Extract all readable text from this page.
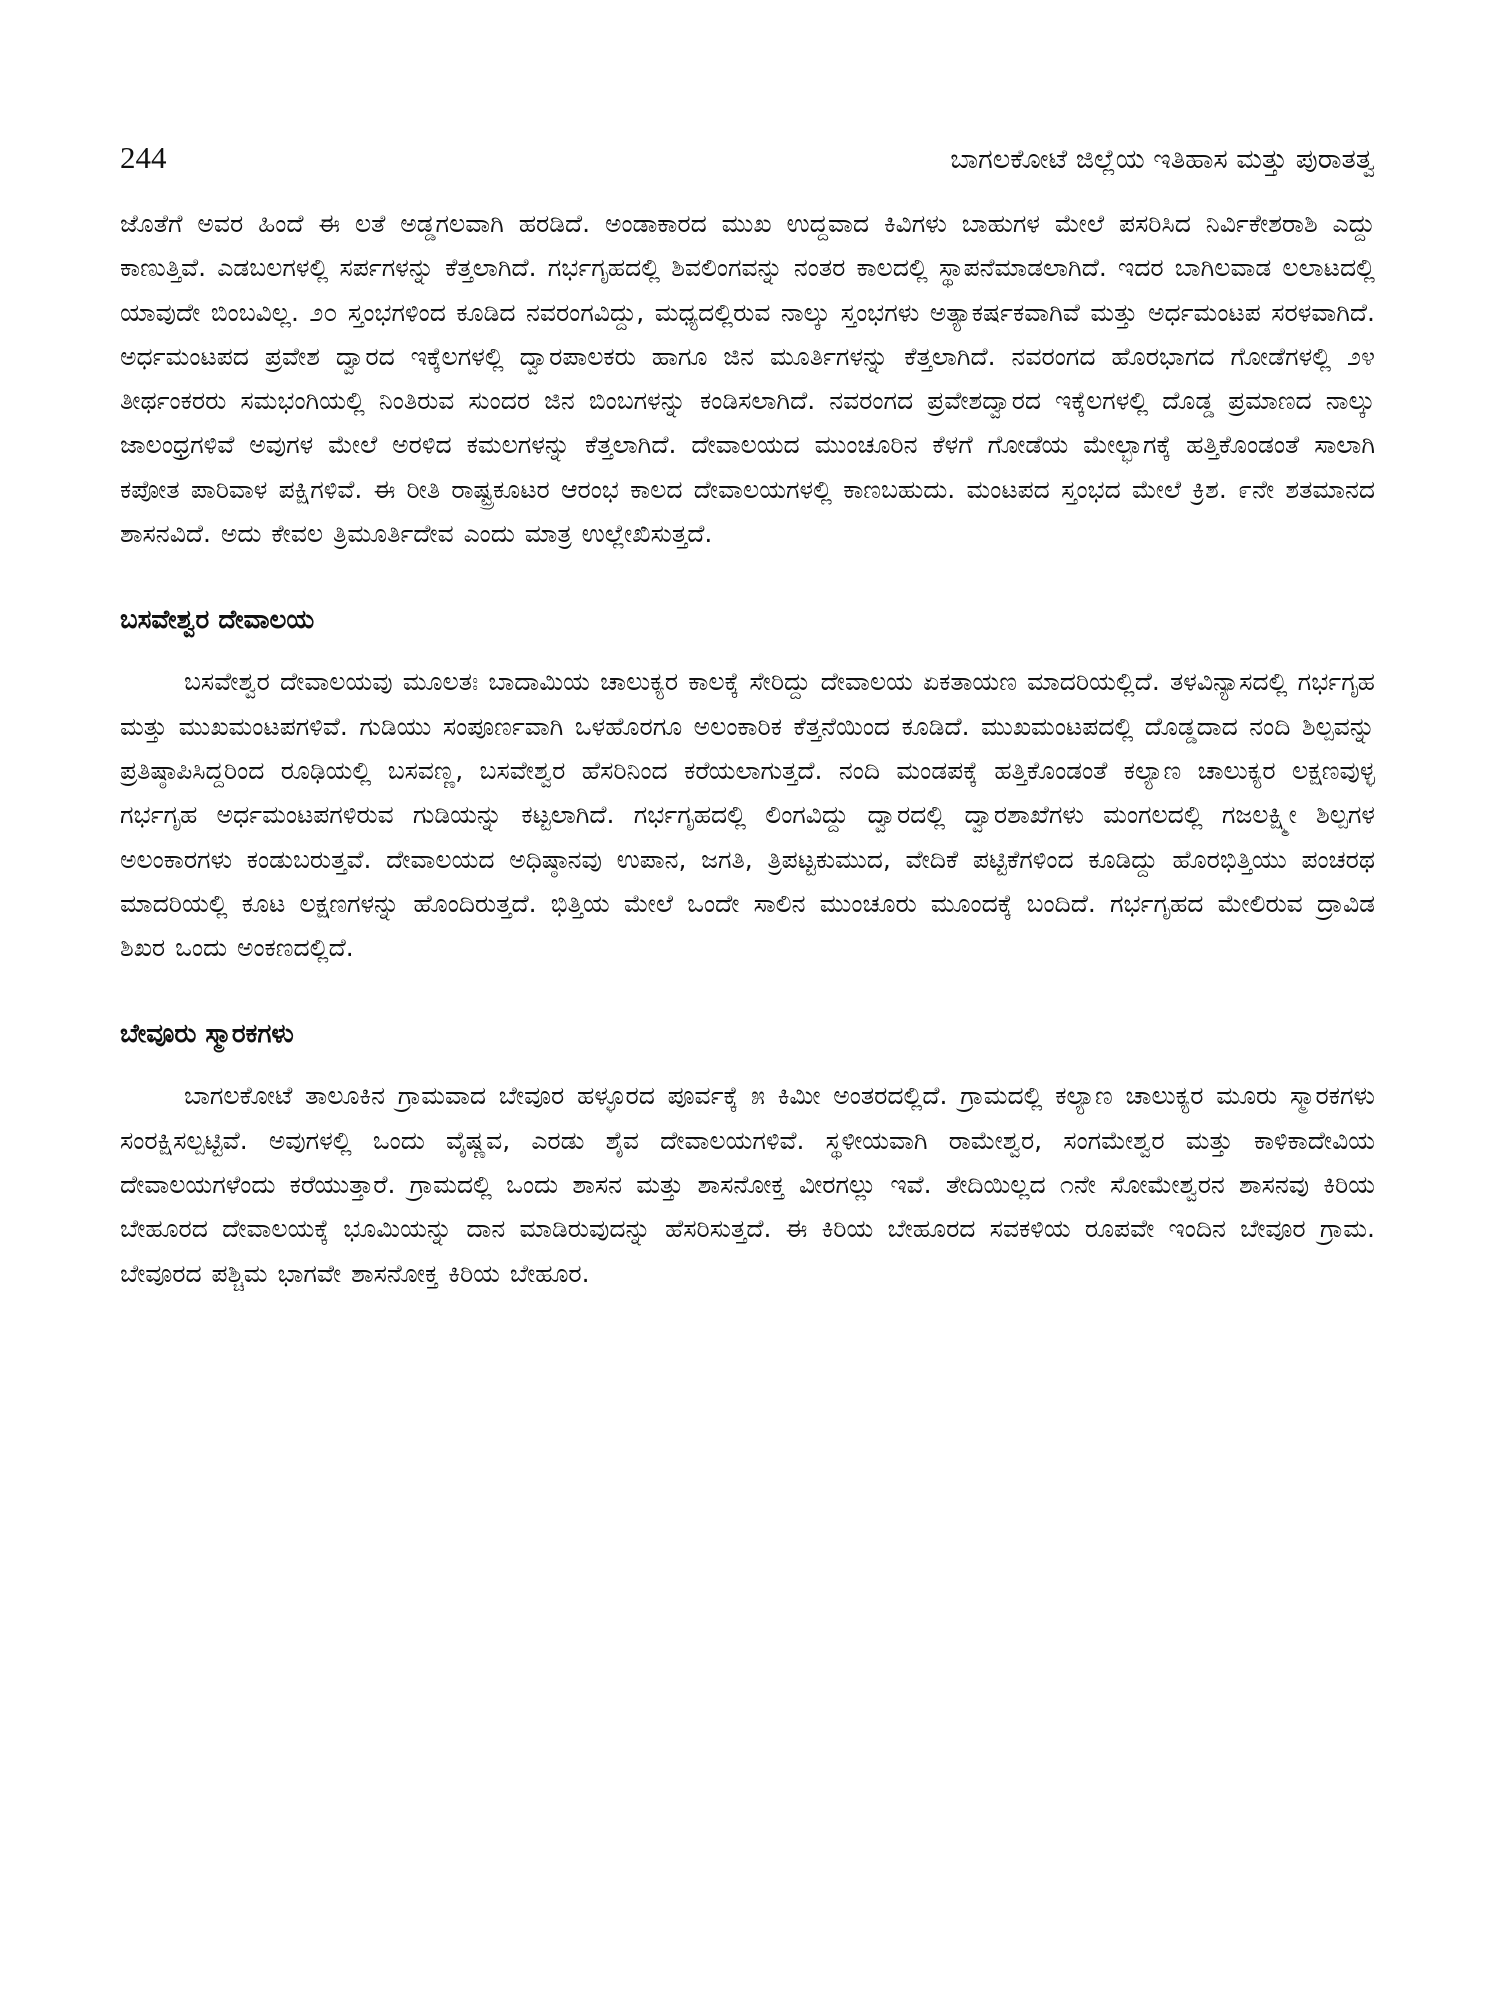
244	ಬಾಗಲಕೋಟೆ ಜಿಲ್ಲೆಯ ಇತಿಹಾಸ ಮತ್ತು ಪುರಾತತ್ವ

ಜೊತೆಗೆ ಅವರ ಹಿಂದೆ ಈ ಲತೆ ಅಡ್ಡಗಲವಾಗಿ ಹರಡಿದೆ. ಅಂಡಾಕಾರದ ಮುಖ ಉದ್ದವಾದ ಕಿವಿಗಳು ಬಾಹುಗಳ ಮೇಲೆ ಪಸರಿಸಿದ ನಿರ್ವಿಕೇಶರಾಶಿ ಎದ್ದು ಕಾಣುತ್ತಿವೆ. ಎಡಬಲಗಳಲ್ಲಿ ಸರ್ಪಗಳನ್ನು ಕೆತ್ತಲಾಗಿದೆ. ಗರ್ಭಗೃಹದಲ್ಲಿ ಶಿವಲಿಂಗವನ್ನು ನಂತರ ಕಾಲದಲ್ಲಿ ಸ್ಥಾಪನೆಮಾಡಲಾಗಿದೆ. ಇದರ ಬಾಗಿಲವಾಡ ಲಲಾಟದಲ್ಲಿ ಯಾವುದೇ ಬಿಂಬವಿಲ್ಲ. ೨೦ ಸ್ತಂಭಗಳಿಂದ ಕೂಡಿದ ನವರಂಗವಿದ್ದು, ಮಧ್ಯದಲ್ಲಿರುವ ನಾಲ್ಕು ಸ್ತಂಭಗಳು ಅತ್ಯಾಕರ್ಷಕವಾಗಿವೆ ಮತ್ತು ಅರ್ಧಮಂಟಪ ಸರಳವಾಗಿದೆ. ಅರ್ಧಮಂಟಪದ ಪ್ರವೇಶ ದ್ವಾರದ ಇಕ್ಕೆಲಗಳಲ್ಲಿ ದ್ವಾರಪಾಲಕರು ಹಾಗೂ ಜಿನ ಮೂರ್ತಿಗಳನ್ನು ಕೆತ್ತಲಾಗಿದೆ. ನವರಂಗದ ಹೊರಭಾಗದ ಗೋಡೆಗಳಲ್ಲಿ ೨೪ ತೀರ್ಥಂಕರರು ಸಮಭಂಗಿಯಲ್ಲಿ ನಿಂತಿರುವ ಸುಂದರ ಜಿನ ಬಿಂಬಗಳನ್ನು ಕಂಡಿಸಲಾಗಿದೆ. ನವರಂಗದ ಪ್ರವೇಶದ್ವಾರದ ಇಕ್ಕೆಲಗಳಲ್ಲಿ ದೊಡ್ಡ ಪ್ರಮಾಣದ ನಾಲ್ಕು ಜಾಲಂಧ್ರಗಳಿವೆ ಅವುಗಳ ಮೇಲೆ ಅರಳಿದ ಕಮಲಗಳನ್ನು ಕೆತ್ತಲಾಗಿದೆ. ದೇವಾಲಯದ ಮುಂಚೂರಿನ ಕೆಳಗೆ ಗೋಡೆಯ ಮೇಲ್ಭಾಗಕ್ಕೆ ಹತ್ತಿಕೊಂಡಂತೆ ಸಾಲಾಗಿ ಕಪೋತ ಪಾರಿವಾಳ ಪಕ್ಷಿಗಳಿವೆ. ಈ ರೀತಿ ರಾಷ್ಟ್ರಕೂಟರ ಆರಂಭ ಕಾಲದ ದೇವಾಲಯಗಳಲ್ಲಿ ಕಾಣಬಹುದು. ಮಂಟಪದ ಸ್ತಂಭದ ಮೇಲೆ ಕ್ರಿಶ. ೯ನೇ ಶತಮಾನದ ಶಾಸನವಿದೆ. ಅದು ಕೇವಲ ತ್ರಿಮೂರ್ತಿದೇವ ಎಂದು ಮಾತ್ರ ಉಲ್ಲೇಖಿಸುತ್ತದೆ.

ಬಸವೇಶ್ವರ ದೇವಾಲಯ

ಬಸವೇಶ್ವರ ದೇವಾಲಯವು ಮೂಲತಃ ಬಾದಾಮಿಯ ಚಾಲುಕ್ಯರ ಕಾಲಕ್ಕೆ ಸೇರಿದ್ದು ದೇವಾಲಯ ಏಕತಾಯಣ ಮಾದರಿಯಲ್ಲಿದೆ. ತಳವಿನ್ಯಾಸದಲ್ಲಿ ಗರ್ಭಗೃಹ ಮತ್ತು ಮುಖಮಂಟಪಗಳಿವೆ. ಗುಡಿಯು ಸಂಪೂರ್ಣವಾಗಿ ಒಳಹೊರಗೂ ಅಲಂಕಾರಿಕ ಕೆತ್ತನೆಯಿಂದ ಕೂಡಿದೆ. ಮುಖಮಂಟಪದಲ್ಲಿ ದೊಡ್ಡದಾದ ನಂದಿ ಶಿಲ್ಪವನ್ನು ಪ್ರತಿಷ್ಠಾಪಿಸಿದ್ದರಿಂದ ರೂಢಿಯಲ್ಲಿ ಬಸವಣ್ಣ, ಬಸವೇಶ್ವರ ಹೆಸರಿನಿಂದ ಕರೆಯಲಾಗುತ್ತದೆ. ನಂದಿ ಮಂಡಪಕ್ಕೆ ಹತ್ತಿಕೊಂಡಂತೆ ಕಲ್ಯಾಣ ಚಾಲುಕ್ಯರ ಲಕ್ಷಣವುಳ್ಳ ಗರ್ಭಗೃಹ ಅರ್ಧಮಂಟಪಗಳಿರುವ ಗುಡಿಯನ್ನು ಕಟ್ಟಲಾಗಿದೆ. ಗರ್ಭಗೃಹದಲ್ಲಿ ಲಿಂಗವಿದ್ದು ದ್ವಾರದಲ್ಲಿ ದ್ವಾರಶಾಖೆಗಳು ಮಂಗಲದಲ್ಲಿ ಗಜಲಕ್ಷ್ಮೀ ಶಿಲ್ಪಗಳ ಅಲಂಕಾರಗಳು ಕಂಡುಬರುತ್ತವೆ. ದೇವಾಲಯದ ಅಧಿಷ್ಠಾನವು ಉಪಾನ, ಜಗತಿ, ತ್ರಿಪಟ್ಟಕುಮುದ, ವೇದಿಕೆ ಪಟ್ಟಿಕೆಗಳಿಂದ ಕೂಡಿದ್ದು ಹೊರಭಿತ್ತಿಯು ಪಂಚರಥ ಮಾದರಿಯಲ್ಲಿ ಕೂಟ ಲಕ್ಷಣಗಳನ್ನು ಹೊಂದಿರುತ್ತದೆ. ಭಿತ್ತಿಯ ಮೇಲೆ ಒಂದೇ ಸಾಲಿನ ಮುಂಚೂರು ಮೂಂದಕ್ಕೆ ಬಂದಿದೆ. ಗರ್ಭಗೃಹದ ಮೇಲಿರುವ ದ್ರಾವಿಡ ಶಿಖರ ಒಂದು ಅಂಕಣದಲ್ಲಿದೆ.

ಬೇವೂರು ಸ್ಮಾರಕಗಳು

ಬಾಗಲಕೋಟೆ ತಾಲೂಕಿನ ಗ್ರಾಮವಾದ ಬೇವೂರ ಹಳ್ಳೂರದ ಪೂರ್ವಕ್ಕೆ ೫ ಕಿಮೀ ಅಂತರದಲ್ಲಿದೆ. ಗ್ರಾಮದಲ್ಲಿ ಕಲ್ಯಾಣ ಚಾಲುಕ್ಯರ ಮೂರು ಸ್ಮಾರಕಗಳು ಸಂರಕ್ಷಿಸಲ್ಪಟ್ಟಿವೆ. ಅವುಗಳಲ್ಲಿ ಒಂದು ವೈಷ್ಣವ, ಎರಡು ಶೈವ ದೇವಾಲಯಗಳಿವೆ. ಸ್ಥಳೀಯವಾಗಿ ರಾಮೇಶ್ವರ, ಸಂಗಮೇಶ್ವರ ಮತ್ತು ಕಾಳಿಕಾದೇವಿಯ ದೇವಾಲಯಗಳೆಂದು ಕರೆಯುತ್ತಾರೆ. ಗ್ರಾಮದಲ್ಲಿ ಒಂದು ಶಾಸನ ಮತ್ತು ಶಾಸನೋಕ್ತ ವೀರಗಲ್ಲು ಇವೆ. ತೇದಿಯಿಲ್ಲದ ೧ನೇ ಸೋಮೇಶ್ವರನ ಶಾಸನವು ಕಿರಿಯ ಬೇಹೂರದ ದೇವಾಲಯಕ್ಕೆ ಭೂಮಿಯನ್ನು ದಾನ ಮಾಡಿರುವುದನ್ನು ಹೆಸರಿಸುತ್ತದೆ. ಈ ಕಿರಿಯ ಬೇಹೂರದ ಸವಕಳಿಯ ರೂಪವೇ ಇಂದಿನ ಬೇವೂರ ಗ್ರಾಮ. ಬೇವೂರದ ಪಶ್ಚಿಮ ಭಾಗವೇ ಶಾಸನೋಕ್ತ ಕಿರಿಯ ಬೇಹೂರ.
